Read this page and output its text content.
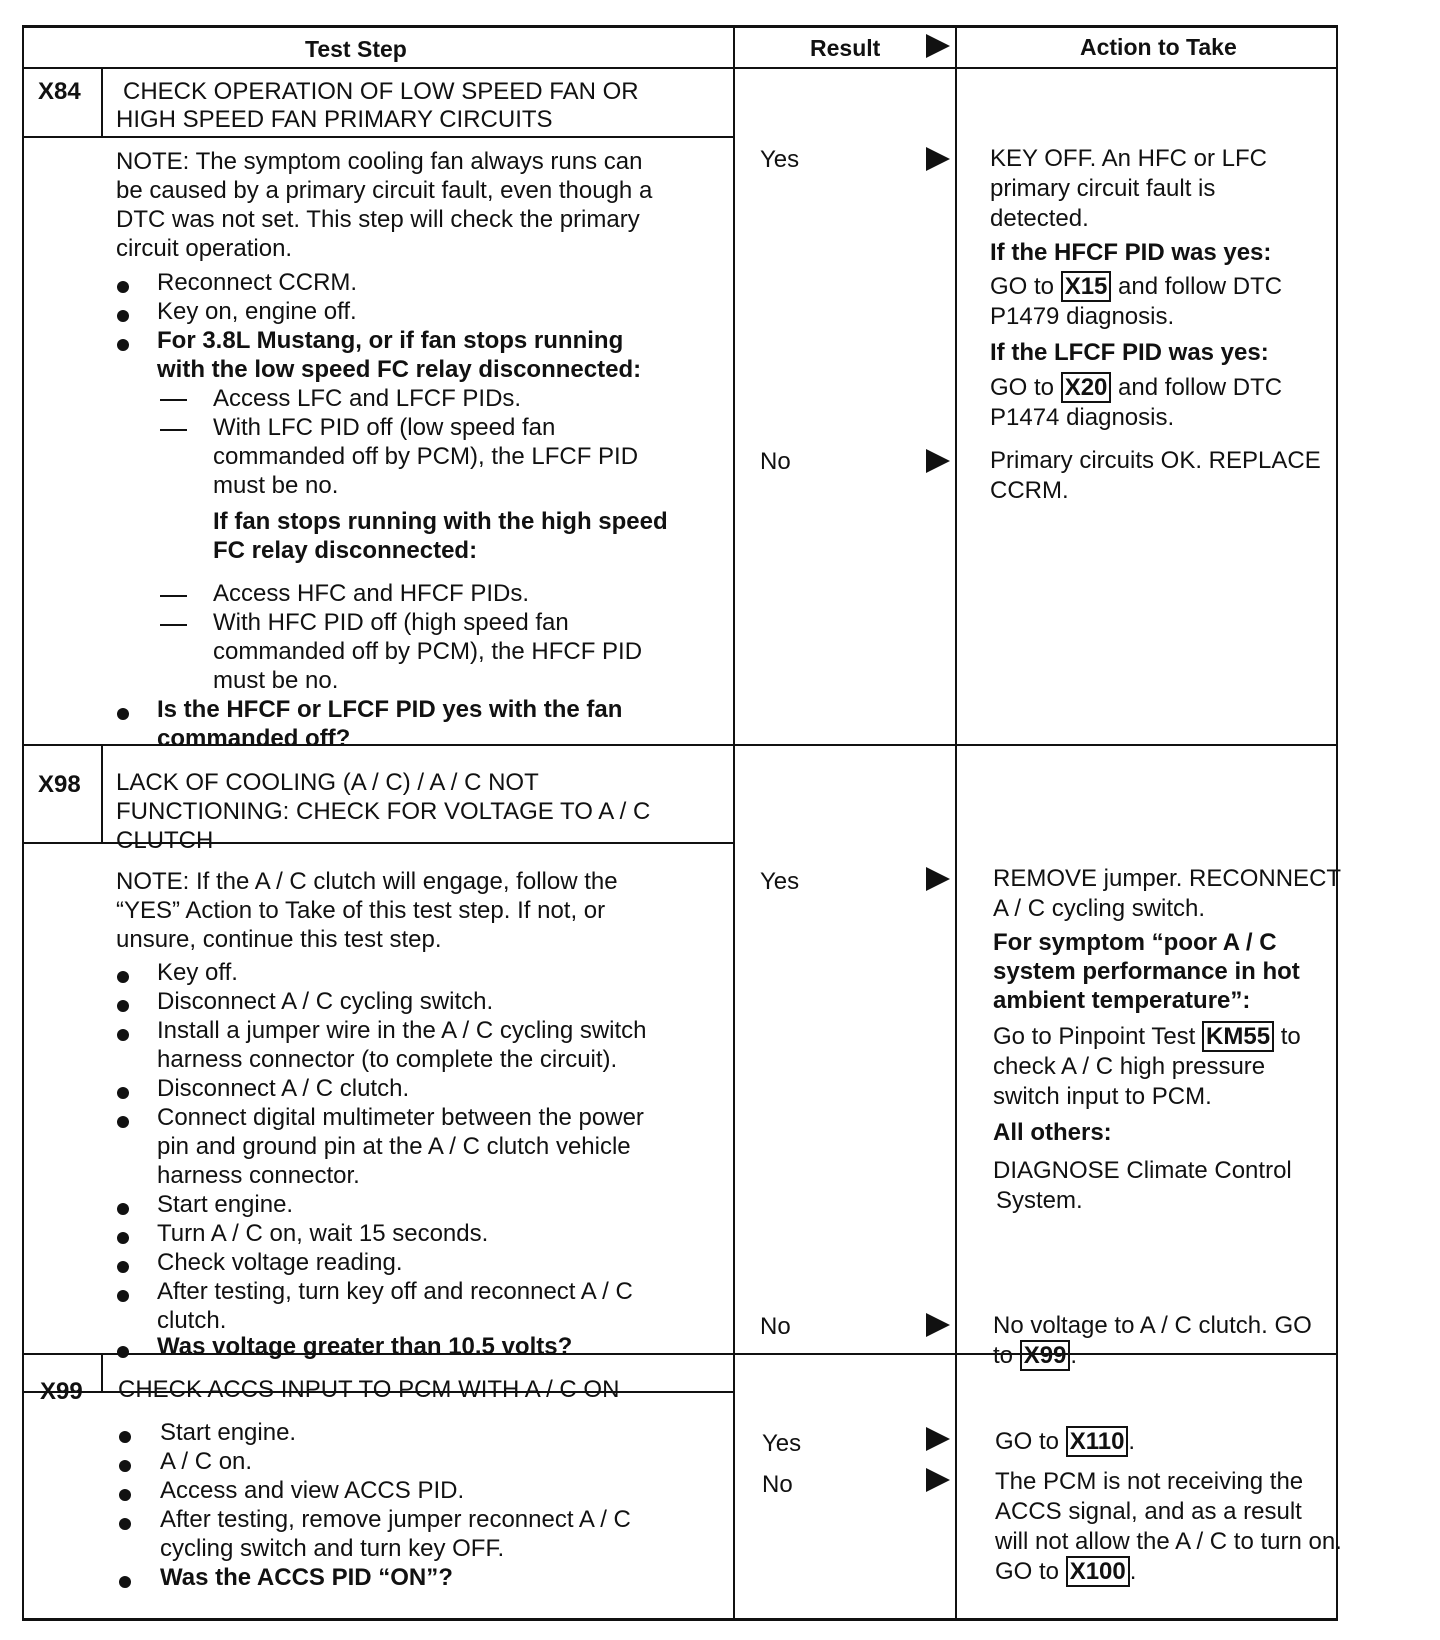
Test Step	Result	Action to Take
X84 CHECK OPERATION OF LOW SPEED FAN OR
HIGH SPEED FAN PRIMARY CIRCUITS
NOTE: The symptom cooling fan always runs can
be caused by a primary circuit fault, even though a
DTC was not set. This step will check the primary
circuit operation.
Reconnect CCRM.
Key on, engine off.
For 3.8L Mustang, or if fan stops running
with the low speed FC relay disconnected:
Access LFC and LFCF PIDs.
With LFC PID off (low speed fan
commanded off by PCM), the LFCF PID
must be no.
If fan stops running with the high speed
FC relay disconnected:
Access HFC and HFCF PIDs.
With HFC PID off (high speed fan
commanded off by PCM), the HFCF PID
must be no.
Is the HFCF or LFCF PID yes with the fan
commanded off?
Yes	KEY OFF. An HFC or LFC
primary circuit fault is
detected.
If the HFCF PID was yes:
GO to X15 and follow DTC
P1479 diagnosis.
If the LFCF PID was yes:
GO to X20 and follow DTC
P1474 diagnosis.
No	Primary circuits OK. REPLACE
CCRM.
X98 LACK OF COOLING (A / C) / A / C NOT
FUNCTIONING: CHECK FOR VOLTAGE TO A / C
CLUTCH
NOTE: If the A / C clutch will engage, follow the
“YES” Action to Take of this test step. If not, or
unsure, continue this test step.
Key off.
Disconnect A / C cycling switch.
Install a jumper wire in the A / C cycling switch
harness connector (to complete the circuit).
Disconnect A / C clutch.
Connect digital multimeter between the power
pin and ground pin at the A / C clutch vehicle
harness connector.
Start engine.
Turn A / C on, wait 15 seconds.
Check voltage reading.
After testing, turn key off and reconnect A / C
clutch.
Was voltage greater than 10.5 volts?
Yes	REMOVE jumper. RECONNECT
A / C cycling switch.
For symptom “poor A / C
system performance in hot
ambient temperature”:
Go to Pinpoint Test KM55 to
check A / C high pressure
switch input to PCM.
All others:
DIAGNOSE Climate Control
System.
No	No voltage to A / C clutch. GO
to X99 .
X99 CHECK ACCS INPUT TO PCM WITH A / C ON
Start engine.
A / C on.
Access and view ACCS PID.
After testing, remove jumper reconnect A / C
cycling switch and turn key OFF.
Was the ACCS PID “ON”?
Yes	GO to X110 .
No	The PCM is not receiving the
ACCS signal, and as a result
will not allow the A / C to turn on.
GO to X100 .
